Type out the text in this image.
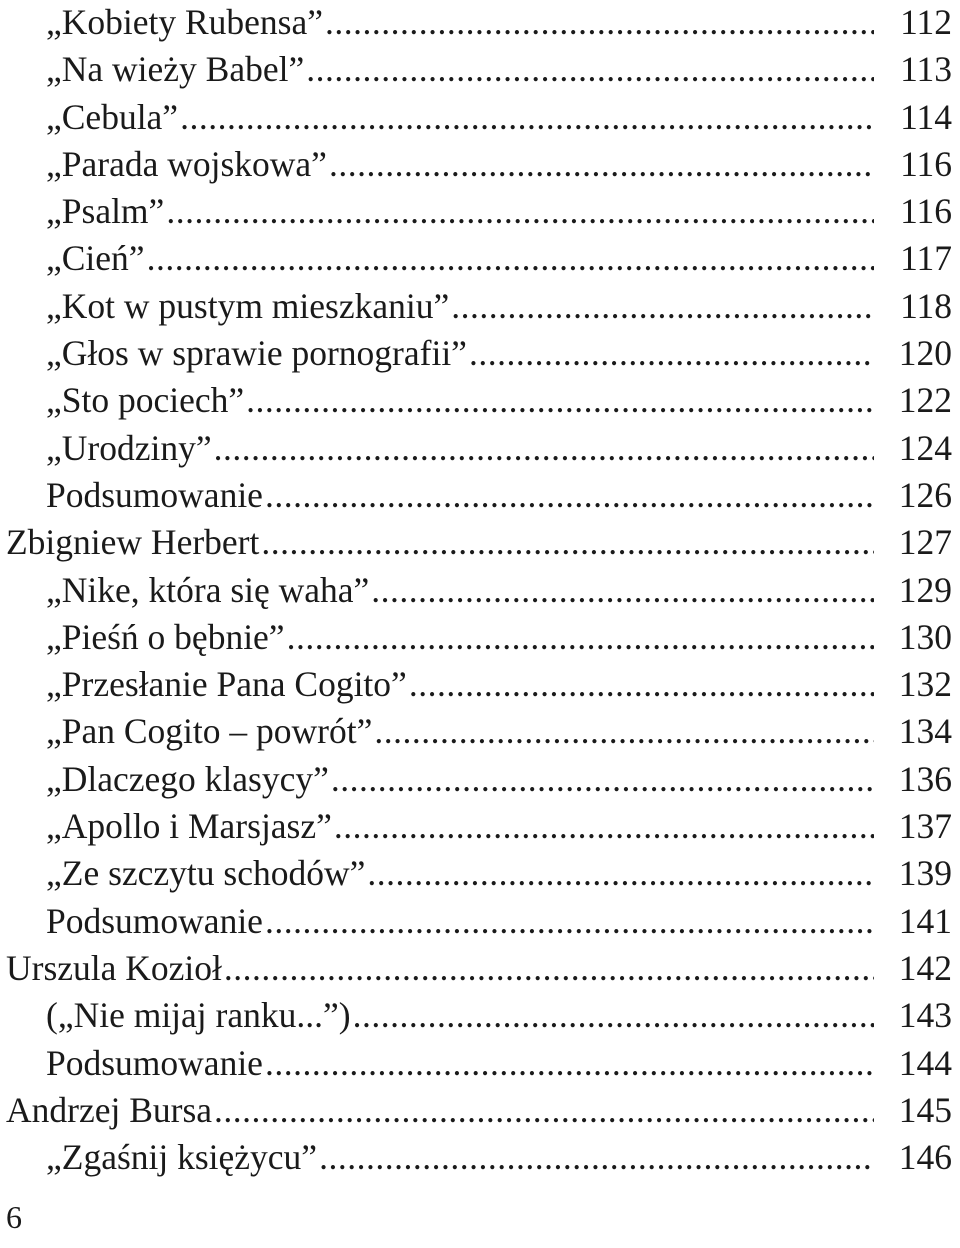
„Kobiety Rubensa” .....	112
„Na wieży Babel” .....	113
„Cebula” .....	114
„Parada wojskowa” .....	116
„Psalm” .....	116
„Cień” .....	117
„Kot w pustym mieszkaniu” .....	118
„Głos w sprawie pornografii” .....	120
„Sto pociech” .....	122
„Urodziny” .....	124
Podsumowanie .....	126
Zbigniew Herbert .....	127
„Nike, która się waha” .....	129
„Pieśń o bębnie” .....	130
„Przesłanie Pana Cogito” .....	132
„Pan Cogito – powrót” .....	134
„Dlaczego klasycy” .....	136
„Apollo i Marsjasz” .....	137
„Ze szczytu schodów” .....	139
Podsumowanie .....	141
Urszula Kozioł .....	142
(„Nie mijaj ranku...”) .....	143
Podsumowanie .....	144
Andrzej Bursa .....	145
„Zgaśnij księżycu” .....	146
6
